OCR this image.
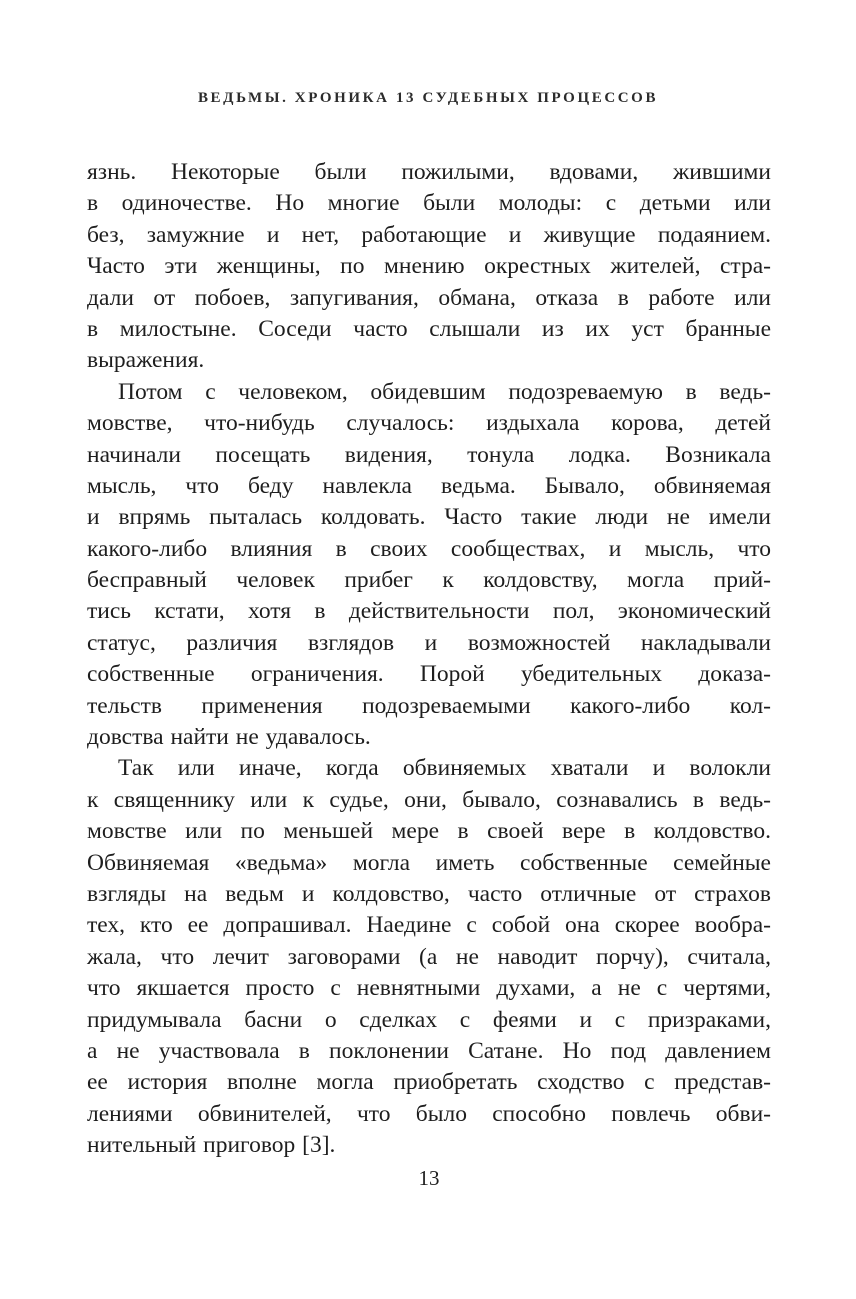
ВЕДЬМЫ. ХРОНИКА 13 СУДЕБНЫХ ПРОЦЕССОВ
язнь. Некоторые были пожилыми, вдовами, жившими
в одиночестве. Но многие были молоды: с детьми или
без, замужние и нет, работающие и живущие подаянием.
Часто эти женщины, по мнению окрестных жителей, стра-
дали от побоев, запугивания, обмана, отказа в работе или
в милостыне. Соседи часто слышали из их уст бранные
выражения.
Потом с человеком, обидевшим подозреваемую в ведь-
мовстве, что-нибудь случалось: издыхала корова, детей
начинали посещать видения, тонула лодка. Возникала
мысль, что беду навлекла ведьма. Бывало, обвиняемая
и впрямь пыталась колдовать. Часто такие люди не имели
какого-либо влияния в своих сообществах, и мысль, что
бесправный человек прибег к колдовству, могла прий-
тись кстати, хотя в действительности пол, экономический
статус, различия взглядов и возможностей накладывали
собственные ограничения. Порой убедительных доказа-
тельств применения подозреваемыми какого-либо кол-
довства найти не удавалось.
Так или иначе, когда обвиняемых хватали и волокли
к священнику или к судье, они, бывало, сознавались в ведь-
мовстве или по меньшей мере в своей вере в колдовство.
Обвиняемая «ведьма» могла иметь собственные семейные
взгляды на ведьм и колдовство, часто отличные от страхов
тех, кто ее допрашивал. Наедине с собой она скорее вообра-
жала, что лечит заговорами (а не наводит порчу), считала,
что якшается просто с невнятными духами, а не с чертями,
придумывала басни о сделках с феями и с призраками,
а не участвовала в поклонении Сатане. Но под давлением
ее история вполне могла приобретать сходство с представ-
лениями обвинителей, что было способно повлечь обви-
нительный приговор [3].
13
